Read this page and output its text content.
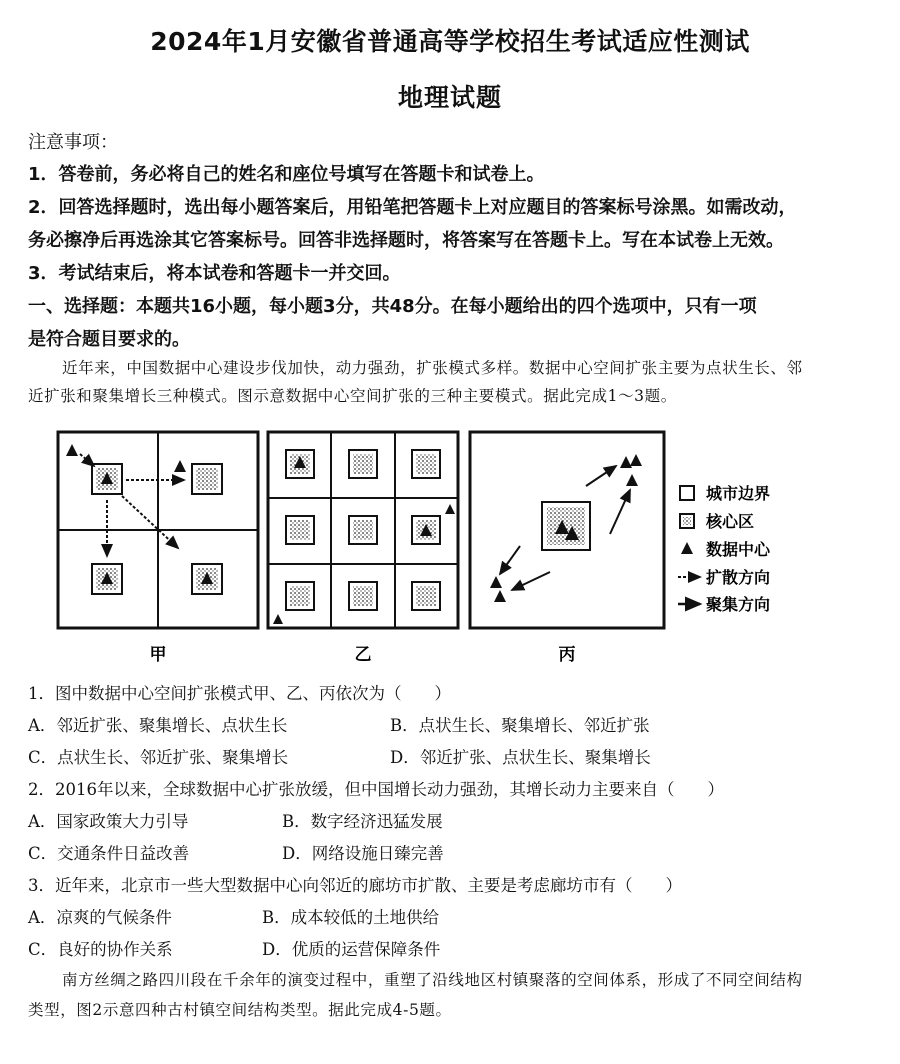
2024年1月安徽省普通高等学校招生考试适应性测试
地理试题
注意事项：
1．答卷前，务必将自己的姓名和座位号填写在答题卡和试卷上。
2．回答选择题时，选出每小题答案后，用铅笔把答题卡上对应题目的答案标号涂黑。如需改动，
务必擦净后再选涂其它答案标号。回答非选择题时，将答案写在答题卡上。写在本试卷上无效。
3．考试结束后，将本试卷和答题卡一并交回。
一、选择题：本题共16小题，每小题3分，共48分。在每小题给出的四个选项中，只有一项
是符合题目要求的。
近年来，中国数据中心建设步伐加快，动力强劲，扩张模式多样。数据中心空间扩张主要为点状生长、邻
近扩张和聚集增长三种模式。图示意数据中心空间扩张的三种主要模式。据此完成1～3题。
城市边界
核心区
数据中心
扩散方向
聚集方向
甲	乙	丙
1．图中数据中心空间扩张模式甲、乙、丙依次为（　　）
A．邻近扩张、聚集增长、点状生长	B．点状生长、聚集增长、邻近扩张
C．点状生长、邻近扩张、聚集增长	D．邻近扩张、点状生长、聚集增长
2．2016年以来，全球数据中心扩张放缓，但中国增长动力强劲，其增长动力主要来自（　　）
A．国家政策大力引导	B．数字经济迅猛发展
C．交通条件日益改善	D．网络设施日臻完善
3．近年来，北京市一些大型数据中心向邻近的廊坊市扩散、主要是考虑廊坊市有（　　）
A．凉爽的气候条件	B．成本较低的土地供给
C．良好的协作关系	D．优质的运营保障条件
南方丝绸之路四川段在千余年的演变过程中，重塑了沿线地区村镇聚落的空间体系，形成了不同空间结构
类型，图2示意四种古村镇空间结构类型。据此完成4-5题。
